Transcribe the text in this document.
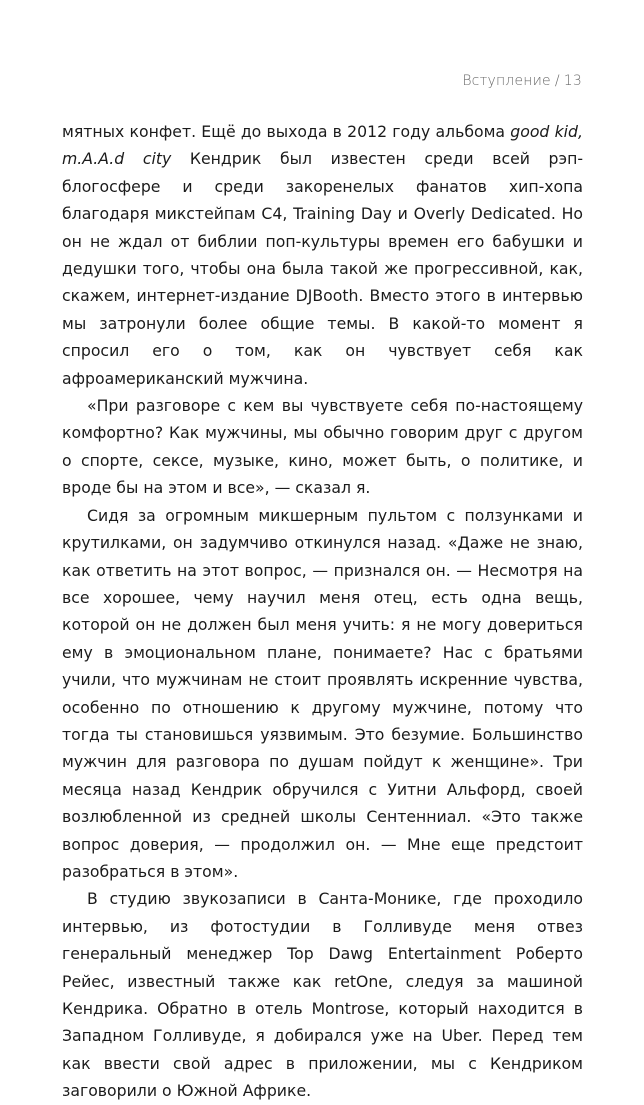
Вступление / 13

мятных конфет. Ещё до выхода в 2012 году альбома good kid, m.A.A.d city Кендрик был известен среди всей рэп-блогосфере и среди закоренелых фанатов хип-хопа благодаря микстейпам C4, Training Day и Overly Dedicated. Но он не ждал от библии поп-культуры времен его бабушки и дедушки того, чтобы она была такой же прогрессивной, как, скажем, интернет-издание DJBooth. Вместо этого в интервью мы затронули более общие темы. В какой-то момент я спросил его о том, как он чувствует себя как афроамериканский мужчина.

«При разговоре с кем вы чувствуете себя по-настоящему комфортно? Как мужчины, мы обычно говорим друг с другом о спорте, сексе, музыке, кино, может быть, о политике, и вроде бы на этом и все», — сказал я.

Сидя за огромным микшерным пультом с ползунками и крутилками, он задумчиво откинулся назад. «Даже не знаю, как ответить на этот вопрос, — признался он. — Несмотря на все хорошее, чему научил меня отец, есть одна вещь, которой он не должен был меня учить: я не могу довериться ему в эмоциональном плане, понимаете? Нас с братьями учили, что мужчинам не стоит проявлять искренние чувства, особенно по отношению к другому мужчине, потому что тогда ты становишься уязвимым. Это безумие. Большинство мужчин для разговора по душам пойдут к женщине». Три месяца назад Кендрик обручился с Уитни Альфорд, своей возлюбленной из средней школы Сентенниал. «Это также вопрос доверия, — продолжил он. — Мне еще предстоит разобраться в этом».

В студию звукозаписи в Санта-Монике, где проходило интервью, из фотостудии в Голливуде меня отвез генеральный менеджер Top Dawg Entertainment Роберто Рейес, известный также как retOne, следуя за машиной Кендрика. Обратно в отель Montrose, который находится в Западном Голливуде, я добирался уже на Uber. Перед тем как ввести свой адрес в приложении, мы с Кендриком заговорили о Южной Африке.
